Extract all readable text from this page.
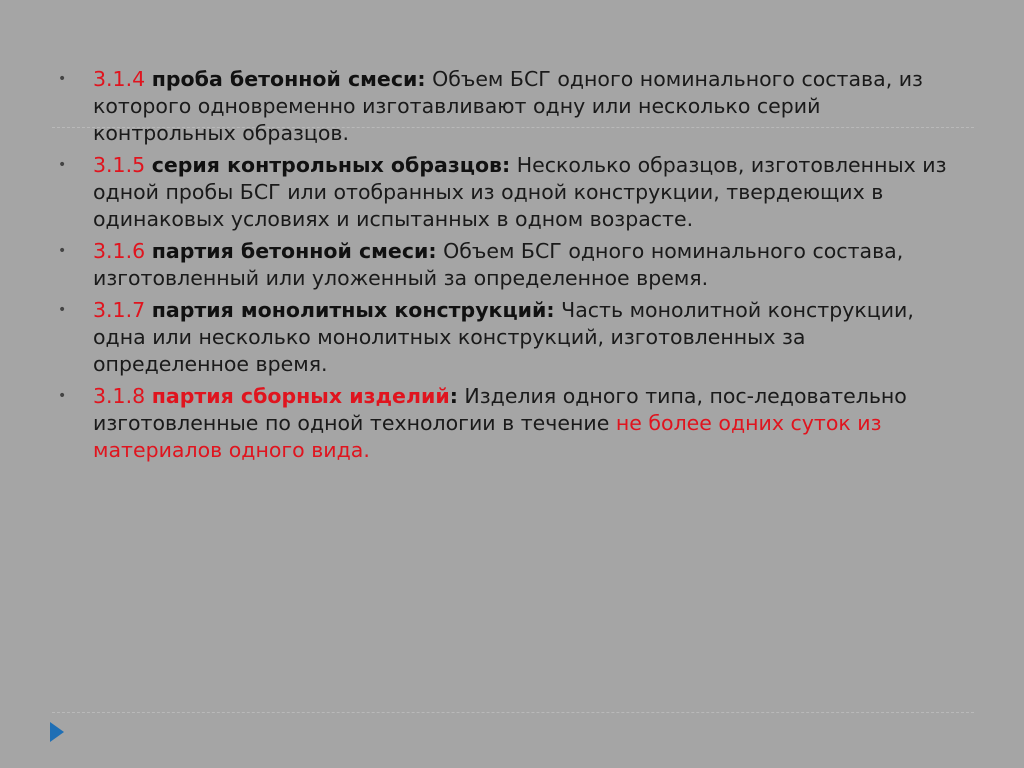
• 3.1.4 проба бетонной смеси: Объем БСГ одного номинального состава, из которого одновременно изготавливают одну или несколько серий контрольных образцов.
• 3.1.5 серия контрольных образцов: Несколько образцов, изготовленных из одной пробы БСГ или отобранных из одной конструкции, твердеющих в одинаковых условиях и испытанных в одном возрасте.
• 3.1.6 партия бетонной смеси: Объем БСГ одного номинального состава, изготовленный или уложенный за определенное время.
• 3.1.7 партия монолитных конструкций: Часть монолитной конструкции, одна или несколько монолитных конструкций, изготовленных за определенное время.
• 3.1.8 партия сборных изделий: Изделия одного типа, пос-ледовательно изготовленные по одной технологии в течение не более одних суток из материалов одного вида.
